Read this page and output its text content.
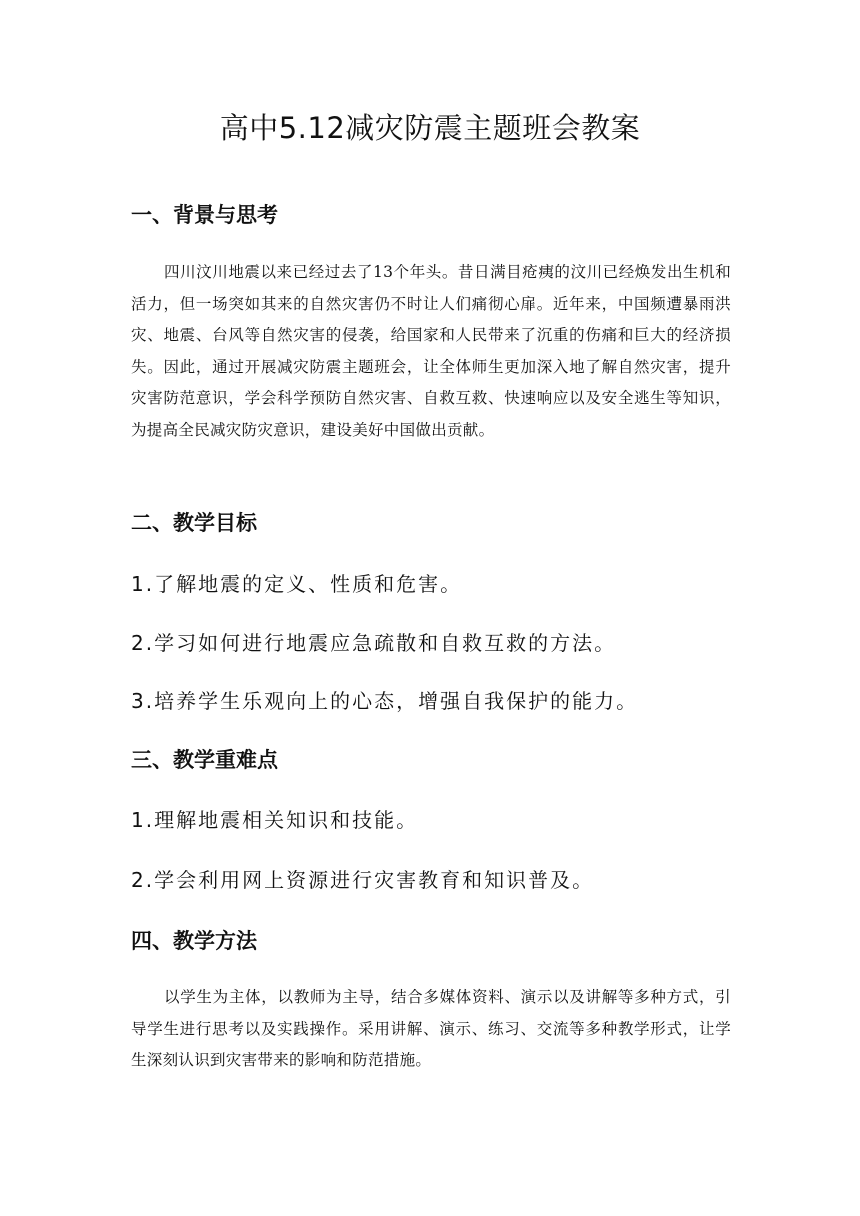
高中5.12减灾防震主题班会教案
一、背景与思考
四川汶川地震以来已经过去了13个年头。昔日满目疮痍的汶川已经焕发出生机和活力，但一场突如其来的自然灾害仍不时让人们痛彻心扉。近年来，中国频遭暴雨洪灾、地震、台风等自然灾害的侵袭，给国家和人民带来了沉重的伤痛和巨大的经济损失。因此，通过开展减灾防震主题班会，让全体师生更加深入地了解自然灾害，提升灾害防范意识，学会科学预防自然灾害、自救互救、快速响应以及安全逃生等知识，为提高全民减灾防灾意识，建设美好中国做出贡献。
二、教学目标
1.了解地震的定义、性质和危害。
2.学习如何进行地震应急疏散和自救互救的方法。
3.培养学生乐观向上的心态，增强自我保护的能力。
三、教学重难点
1.理解地震相关知识和技能。
2.学会利用网上资源进行灾害教育和知识普及。
四、教学方法
以学生为主体，以教师为主导，结合多媒体资料、演示以及讲解等多种方式，引导学生进行思考以及实践操作。采用讲解、演示、练习、交流等多种教学形式，让学生深刻认识到灾害带来的影响和防范措施。
